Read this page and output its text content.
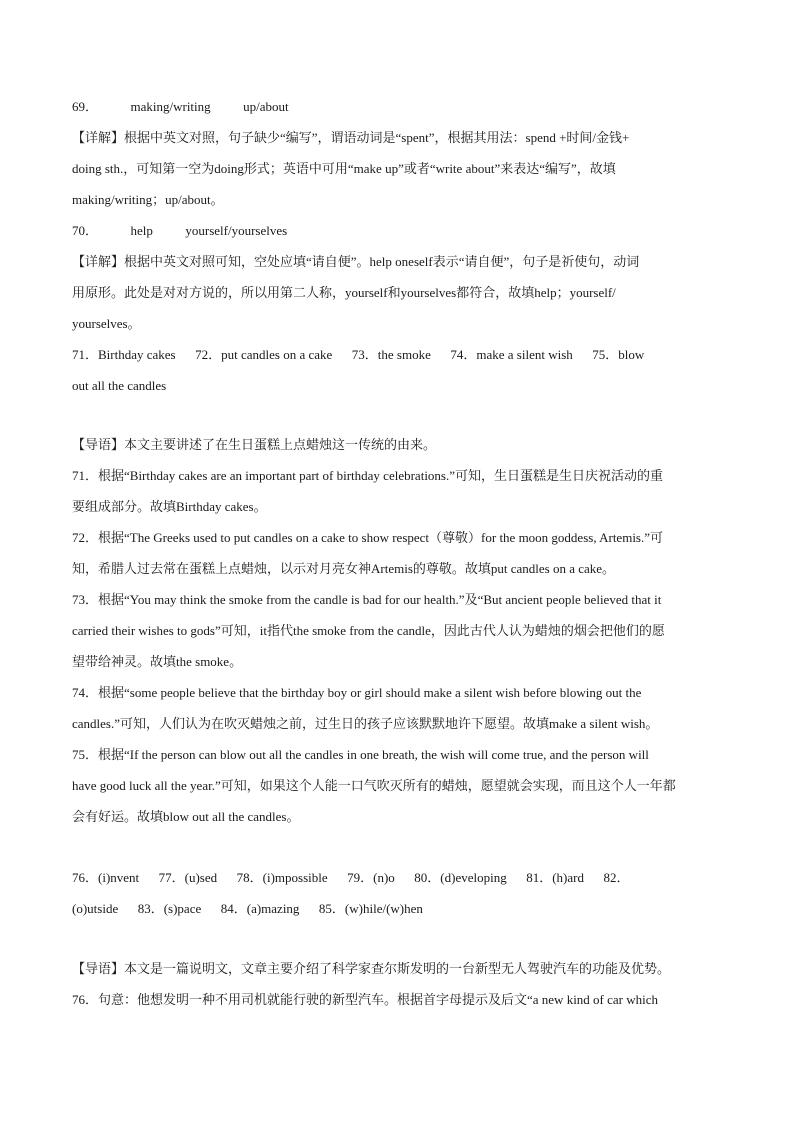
69．          making/writing          up/about
【详解】根据中英文对照，句子缺少“编写”，谓语动词是“spent”，根据其用法：spend +时间/金钱+
doing sth.，可知第一空为doing形式；英语中可用“make up”或者“write about”来表达“编写”，故填
making/writing；up/about。
70．          help          yourself/yourselves
【详解】根据中英文对照可知，空处应填“请自便”。help oneself表示“请自便”，句子是祈使句，动词
用原形。此处是对对方说的，所以用第二人称，yourself和yourselves都符合，故填help；yourself/
yourselves。
71．Birthday cakes      72．put candles on a cake      73．the smoke      74．make a silent wish      75．blow
out all the candles
【导语】本文主要讲述了在生日蛋糕上点蜡烛这一传统的由来。
71．根据“Birthday cakes are an important part of birthday celebrations.”可知，生日蛋糕是生日庆祝活动的重
要组成部分。故填Birthday cakes。
72．根据“The Greeks used to put candles on a cake to show respect（尊敬）for the moon goddess, Artemis.”可
知，希腊人过去常在蛋糕上点蜡烛，以示对月亮女神Artemis的尊敬。故填put candles on a cake。
73．根据“You may think the smoke from the candle is bad for our health.”及“But ancient people believed that it
carried their wishes to gods”可知，it指代the smoke from the candle，因此古代人认为蜡烛的烟会把他们的愿
望带给神灵。故填the smoke。
74．根据“some people believe that the birthday boy or girl should make a silent wish before blowing out the
candles.”可知，人们认为在吹灭蜡烛之前，过生日的孩子应该默默地许下愿望。故填make a silent wish。
75．根据“If the person can blow out all the candles in one breath, the wish will come true, and the person will
have good luck all the year.”可知，如果这个人能一口气吹灭所有的蜡烛，愿望就会实现，而且这个人一年都
会有好运。故填blow out all the candles。
76．(i)nvent      77．(u)sed      78．(i)mpossible      79．(n)o      80．(d)eveloping      81．(h)ard      82．
(o)utside      83．(s)pace      84．(a)mazing      85．(w)hile/(w)hen
【导语】本文是一篇说明文，文章主要介绍了科学家查尔斯发明的一台新型无人驾驶汽车的功能及优势。
76．句意：他想发明一种不用司机就能行驶的新型汽车。根据首字母提示及后文“a new kind of car which
